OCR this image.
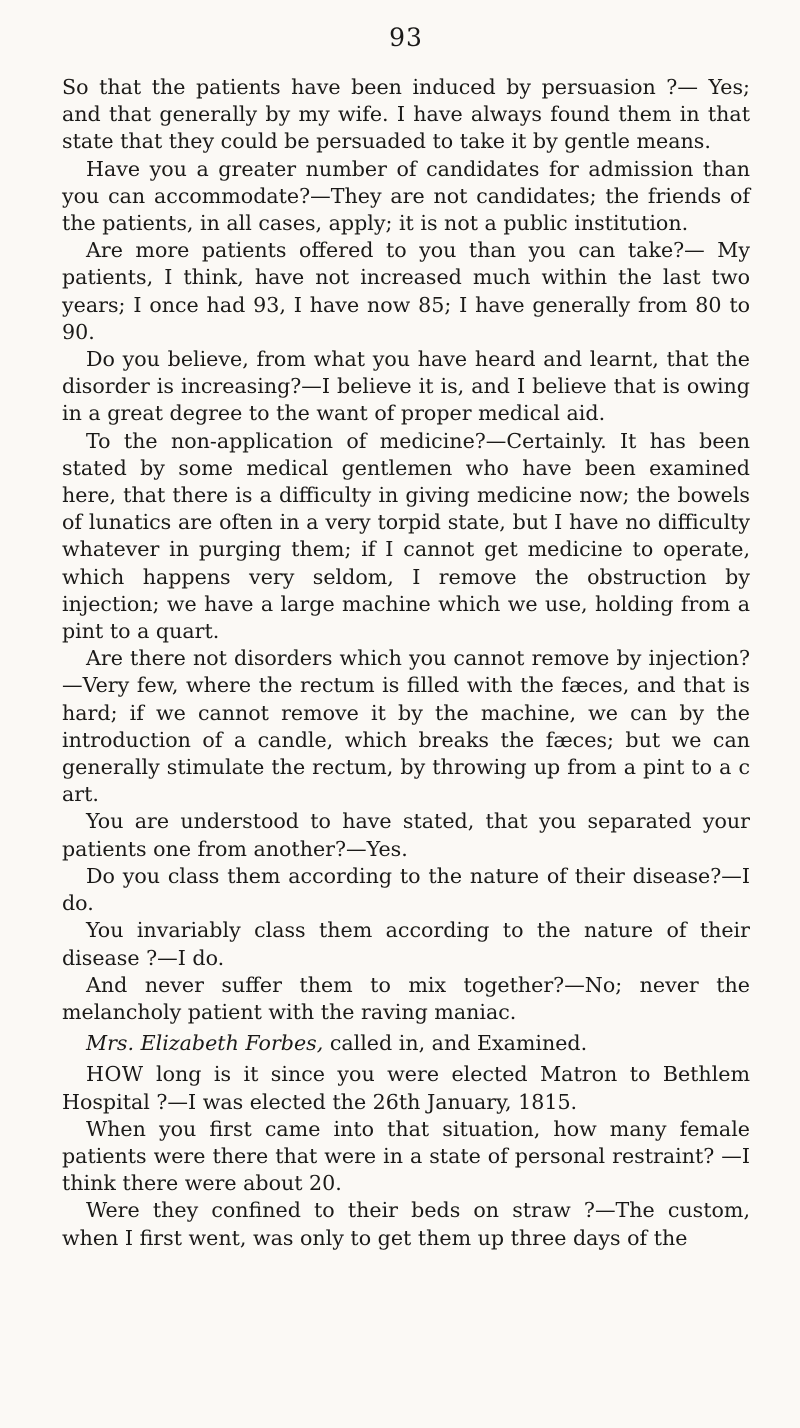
93

So that the patients have been induced by persuasion ?— Yes; and that generally by my wife. I have always found them in that state that they could be persuaded to take it by gentle means.

Have you a greater number of candidates for admission than you can accommodate?—They are not candidates; the friends of the patients, in all cases, apply; it is not a public institution.

Are more patients offered to you than you can take?— My patients, I think, have not increased much within the last two years; I once had 93, I have now 85; I have generally from 80 to 90.

Do you believe, from what you have heard and learnt, that the disorder is increasing?—I believe it is, and I believe that is owing in a great degree to the want of proper medical aid.

To the non-application of medicine?—Certainly. It has been stated by some medical gentlemen who have been examined here, that there is a difficulty in giving medicine now; the bowels of lunatics are often in a very torpid state, but I have no difficulty whatever in purging them; if I cannot get medicine to operate, which happens very seldom, I remove the obstruction by injection; we have a large machine which we use, holding from a pint to a quart.

Are there not disorders which you cannot remove by injection?—Very few, where the rectum is filled with the fæces, and that is hard; if we cannot remove it by the machine, we can by the introduction of a candle, which breaks the fæces; but we can generally stimulate the rectum, by throwing up from a pint to a c art.

You are understood to have stated, that you separated your patients one from another?—Yes.

Do you class them according to the nature of their disease?—I do.

You invariably class them according to the nature of their disease ?—I do.

And never suffer them to mix together?—No; never the melancholy patient with the raving maniac.

Mrs. Elizabeth Forbes, called in, and Examined.

HOW long is it since you were elected Matron to Bethlem Hospital ?—I was elected the 26th January, 1815.

When you first came into that situation, how many female patients were there that were in a state of personal restraint? —I think there were about 20.

Were they confined to their beds on straw ?—The custom, when I first went, was only to get them up three days of the
